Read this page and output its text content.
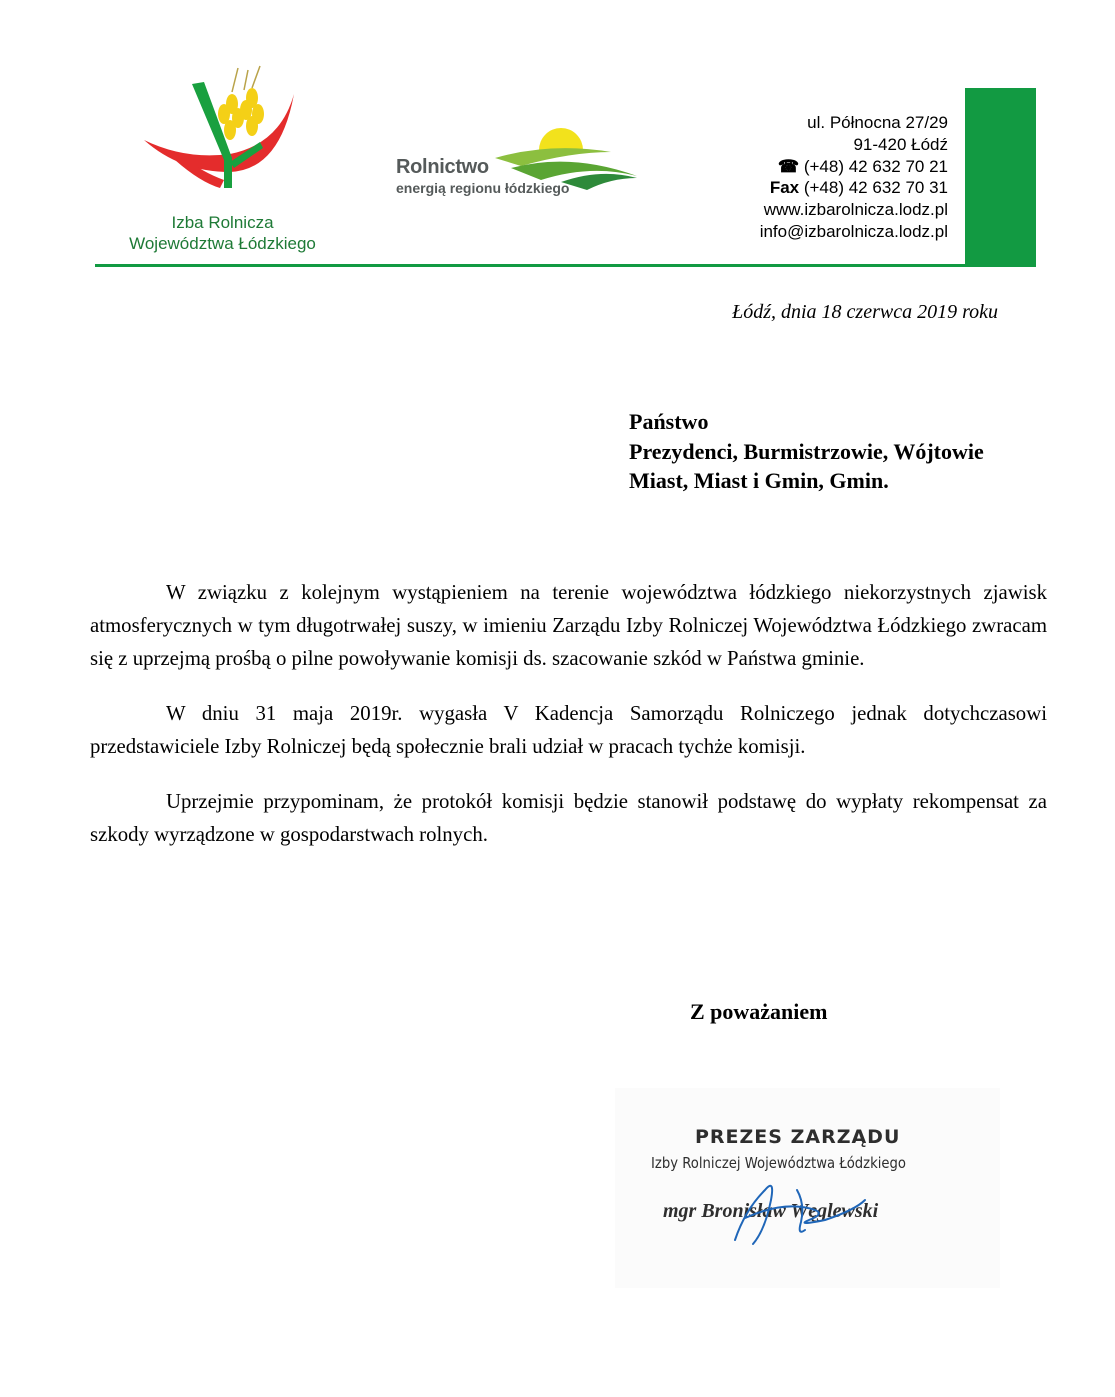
Izba Rolnicza
Województwa Łódzkiego
Rolnictwo
energią regionu łódzkiego
ul. Północna 27/29
91-420 Łódź
☎ (+48) 42 632 70 21
Fax (+48) 42 632 70 31
www.izbarolnicza.lodz.pl
info@izbarolnicza.lodz.pl
Łódź, dnia 18 czerwca 2019 roku
Państwo
Prezydenci, Burmistrzowie, Wójtowie
Miast, Miast i Gmin, Gmin.

W związku z kolejnym wystąpieniem na terenie województwa łódzkiego niekorzystnych zjawisk atmosferycznych w tym długotrwałej suszy, w imieniu Zarządu Izby Rolniczej Województwa Łódzkiego zwracam się z uprzejmą prośbą o pilne powoływanie komisji ds. szacowanie szkód w Państwa gminie.

W dniu 31 maja 2019r. wygasła V Kadencja Samorządu Rolniczego jednak dotychczasowi przedstawiciele Izby Rolniczej będą społecznie brali udział w pracach tychże komisji.

Uprzejmie przypominam, że protokół komisji będzie stanowił podstawę do wypłaty rekompensat za szkody wyrządzone w gospodarstwach rolnych.

Z poważaniem
PREZES ZARZĄDU
Izby Rolniczej Województwa Łódzkiego
mgr Bronisław Węglewski
